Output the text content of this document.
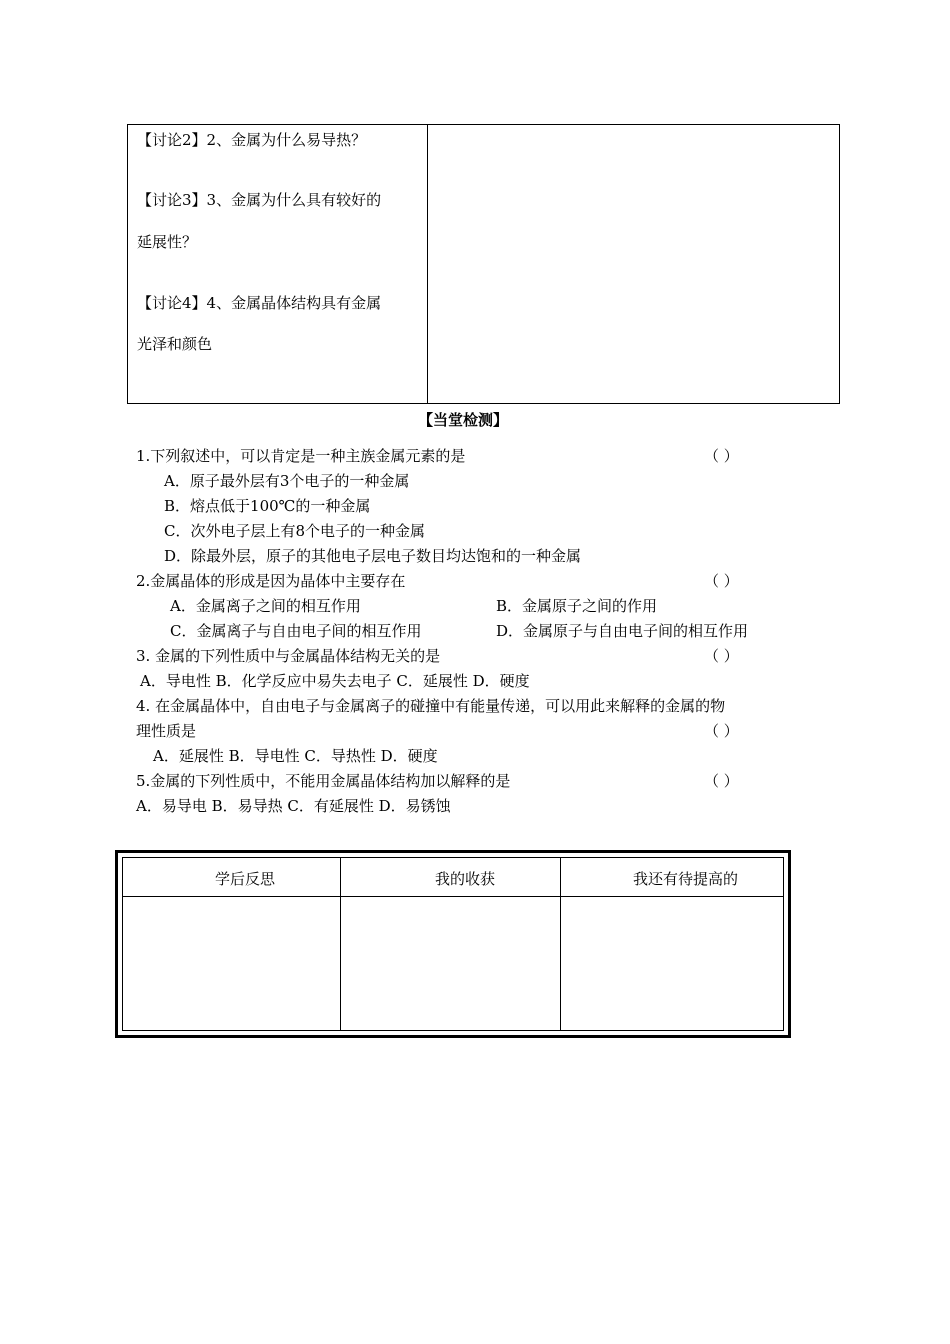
【讨论2】2、金属为什么易导热？
【讨论3】3、金属为什么具有较好的
延展性？
【讨论4】4、金属晶体结构具有金属
光泽和颜色
【当堂检测】
1.下列叙述中，可以肯定是一种主族金属元素的是	（ ）
A．原子最外层有3个电子的一种金属
B．熔点低于100℃的一种金属
C．次外电子层上有8个电子的一种金属
D．除最外层，原子的其他电子层电子数目均达饱和的一种金属
2.金属晶体的形成是因为晶体中主要存在	（ ）
A．金属离子之间的相互作用	B．金属原子之间的作用
C．金属离子与自由电子间的相互作用	D．金属原子与自由电子间的相互作用
3. 金属的下列性质中与金属晶体结构无关的是	（ ）
A．导电性 B．化学反应中易失去电子 C．延展性 D．硬度
4. 在金属晶体中，自由电子与金属离子的碰撞中有能量传递，可以用此来解释的金属的物
理性质是	（ ）
A．延展性 B．导电性 C．导热性 D．硬度
5.金属的下列性质中，不能用金属晶体结构加以解释的是	（ ）
A．易导电 B．易导热 C．有延展性 D．易锈蚀
学后反思	我的收获	我还有待提高的
